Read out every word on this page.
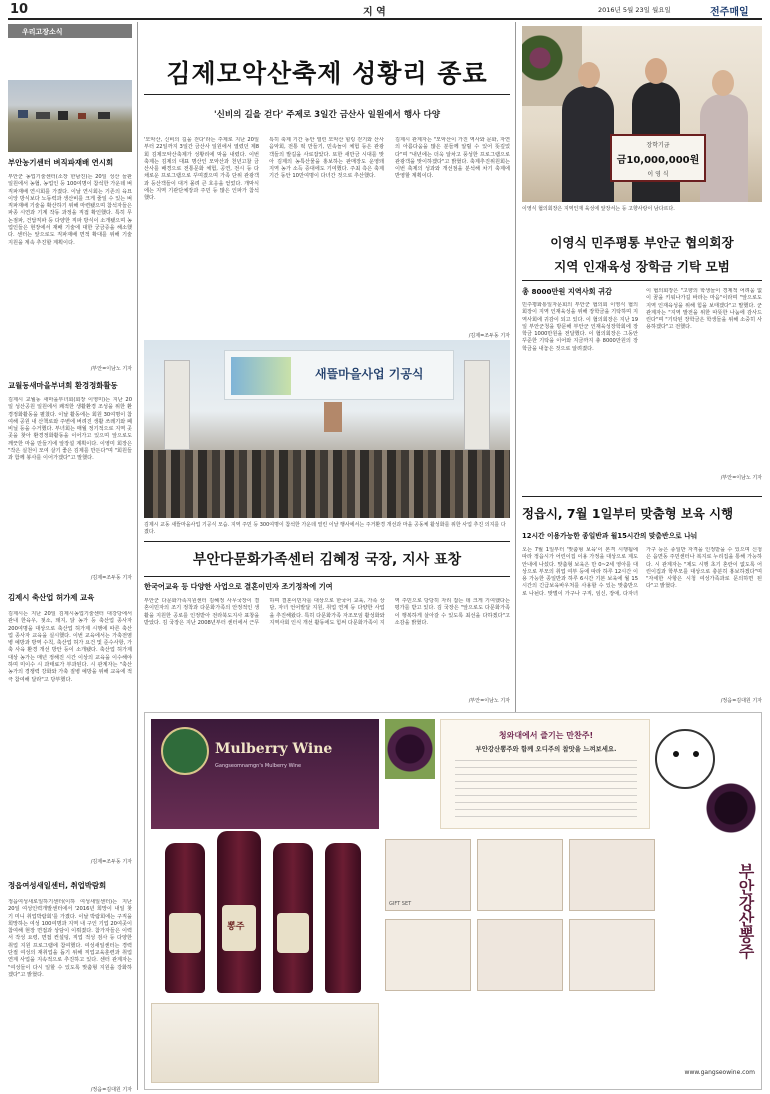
10	지 역	2016년 5월 23일 월요일	전주매일
우리고장소식
부안농기센터 벼직파재배 연시회
부안군 농업기술센터(소장 한남진)는 20일 성산 들판 일원에서 농협, 농업인 등 100여명이 참석한 가운데 벼 직파재배 연시회를 가졌다. 이날 연시회는 기존의 육묘 이앙 방식보다 노동력과 생산비를 크게 줄일 수 있는 벼 직파재배 기술을 확산하기 위해 마련됐으며 참석자들은 파종 시연과 기계 작동 과정을 직접 확인했다. 특히 무논점파, 건답직파 등 다양한 직파 방식이 소개됐으며 농업인들은 현장에서 재배 기술에 대한 궁금증을 해소했다. 센터는 앞으로도 직파재배 면적 확대를 위해 기술 지원을 계속 추진할 계획이다.
/부안=이남노 기자
교월동새마을부녀회 환경정화활동
김제시 교월동 새마을부녀회(회장 이영미)는 지난 20일 성산공원 일원에서 쾌적한 생활환경 조성을 위한 환경정화활동을 펼쳤다. 이날 활동에는 회원 30여명이 참여해 공원 내 산책로와 주변에 버려진 생활 쓰레기와 폐비닐 등을 수거했다. 부녀회는 매월 정기적으로 지역 곳곳을 찾아 환경정화활동을 이어가고 있으며 앞으로도 깨끗한 마을 만들기에 앞장설 계획이다. 이영미 회장은 "작은 실천이 모여 살기 좋은 김제를 만든다"며 "회원들과 함께 봉사를 이어가겠다"고 말했다.
/김제=조두동 기자
김제시 축산업 허가제 교육
김제시는 지난 20일 김제시농업기술센터 대강당에서 관내 한육우, 젖소, 돼지, 닭 농가 등 축산업 종사자 200여명을 대상으로 축산업 허가제 시행에 따른 축산업 종사자 교육을 실시했다. 이번 교육에서는 가축전염병 예방과 방역 수칙, 축산업 허가 요건 및 준수사항, 가축 사육 환경 개선 방안 등이 소개됐다. 축산업 허가제 대상 농가는 매년 정해진 시간 이상의 교육을 이수해야 하며 미이수 시 과태료가 부과된다. 시 관계자는 "축산 농가의 경쟁력 강화와 가축 질병 예방을 위해 교육에 적극 참여해 달라"고 당부했다.
/김제=조두동 기자
정읍여성새일센터, 취업박람회
정읍여성새로일하기센터(이하 여성새일센터)는 지난 20일 여성인력개발센터에서 '2016년 희망이 내일 찾기 미니 취업박람회'를 가졌다. 이날 박람회에는 구직을 희망하는 여성 100여명과 지역 내 구인 기업 20여곳이 참여해 현장 면접과 상담이 이뤄졌다. 참가자들은 이력서 작성 요령, 면접 컨설팅, 직업 적성 검사 등 다양한 취업 지원 프로그램에 참여했다. 여성새일센터는 경력단절 여성의 재취업을 돕기 위해 직업교육훈련과 취업 연계 사업을 지속적으로 추진하고 있다. 센터 관계자는 "여성들이 다시 일할 수 있도록 맞춤형 지원을 강화하겠다"고 밝혔다.
/정읍=김대원 기자
김제모악산축제 성황리 종료
'신비의 길을 걷다' 주제로 3일간 금산사 일원에서 행사 다양
'모악산, 신비의 길을 걷다'라는 주제로 지난 20일부터 22일까지 3일간 금산사 일원에서 열렸던 제8회 김제모악산축제가 성황리에 막을 내렸다. 이번 축제는 김제의 대표 명산인 모악산과 천년고찰 금산사를 배경으로 전통문화 체험, 공연, 전시 등 다채로운 프로그램으로 꾸며졌으며 가족 단위 관광객과 등산객들이 대거 몰려 큰 호응을 얻었다. 개막식에는 지역 기관단체장과 주민 등 많은 인파가 참석했다.
특히 축제 기간 동안 열린 모악산 힐링 걷기와 산사 음악회, 전통 떡 만들기, 민속놀이 체험 등은 관광객들의 발길을 사로잡았다. 또한 새만금 시대를 맞아 김제의 농특산물을 홍보하는 판매장도 운영돼 지역 농가 소득 증대에도 기여했다. 주최 측은 축제 기간 동안 10만여명이 다녀간 것으로 추산했다.
김제시 관계자는 "모악산이 가진 역사와 문화, 자연의 아름다움을 많은 분들께 알릴 수 있어 뜻깊었다"며 "내년에는 더욱 알차고 풍성한 프로그램으로 관광객을 맞이하겠다"고 밝혔다. 축제추진위원회는 이번 축제의 성과와 개선점을 분석해 차기 축제에 반영할 계획이다.
/김제=조두동 기자
새뜰마을사업 기공식
김제시 교동 새뜰마을사업 기공식 모습. 지역 주민 등 300여명이 참석한 가운데 열린 이날 행사에서는 주거환경 개선과 마을 공동체 활성화를 위한 사업 추진 의지를 다졌다.
부안다문화가족센터 김혜정 국장, 지사 표창
한국어교육 등 다양한 사업으로 결혼이민자 조기정착에 기여
부안군 다문화가족지원센터 김혜정 사무국장이 결혼이민자의 조기 정착과 다문화가족의 안정적인 생활을 지원한 공로를 인정받아 전라북도지사 표창을 받았다. 김 국장은 지난 2008년부터 센터에서 근무하며 결혼이민자를 대상으로 한국어 교육, 가족 상담, 자녀 언어발달 지원, 취업 연계 등 다양한 사업을 추진해왔다. 특히 다문화가족 자조모임 활성화와 지역사회 인식 개선 활동에도 힘써 다문화가족이 지역 주민으로 당당히 자리 잡는 데 크게 기여했다는 평가를 받고 있다. 김 국장은 "앞으로도 다문화가족이 행복하게 살아갈 수 있도록 최선을 다하겠다"고 소감을 밝혔다.
/부안=이남노 기자
장학기금
금10,000,000원
이 영 식
이영식 협의회장은 지역인재 육성에 앞장서는 등 고향사랑이 남다르다.
이영식 민주평통 부안군 협의회장
지역 인재육성 장학금 기탁 모범
총 8000만원 지역사회 귀감
민주평화통일자문회의 부안군 협의회 이영식 협의회장이 지역 인재육성을 위해 장학금을 기탁하며 지역사회에 귀감이 되고 있다. 이 협의회장은 지난 19일 부안군청을 방문해 부안군 인재육성장학회에 장학금 1000만원을 전달했다. 이 협의회장은 그동안 꾸준한 기탁을 이어와 지금까지 총 8000만원의 장학금을 내놓은 것으로 알려졌다.
이 협의회장은 "고향의 학생들이 경제적 어려움 없이 꿈을 키워나가길 바라는 마음"이라며 "앞으로도 지역 인재육성을 위해 힘을 보태겠다"고 말했다. 군 관계자는 "지역 발전을 위한 따뜻한 나눔에 감사드린다"며 "기탁된 장학금은 학생들을 위해 소중히 사용하겠다"고 전했다.
/부안=이남노 기자
정읍시, 7월 1일부터 맞춤형 보육 시행
12시간 이용가능한 종일반과 월15시간의 맞춤반으로 나눠
오는 7월 1일부터 '맞춤형 보육'이 본격 시행됨에 따라 정읍시가 어린이집 이용 가정을 대상으로 제도 안내에 나섰다. 맞춤형 보육은 만 0~2세 영아를 대상으로 부모의 취업 여부 등에 따라 하루 12시간 이용 가능한 종일반과 하루 6시간 기본 보육에 월 15시간의 긴급보육바우처를 사용할 수 있는 맞춤반으로 나뉜다. 맞벌이 가구나 구직, 임신, 장애, 다자녀 가구 등은 종일반 자격을 인정받을 수 있으며 신청은 읍면동 주민센터나 복지로 누리집을 통해 가능하다. 시 관계자는 "제도 시행 초기 혼란이 없도록 어린이집과 학부모를 대상으로 충분히 홍보하겠다"며 "자세한 사항은 시청 여성가족과로 문의하면 된다"고 밝혔다.
/정읍=김대원 기자
Mulberry Wine
Gangseomnamgn's Mulberry Wine
청와대에서 즐기는 만찬주!
부안강산뽕주와 함께 오디주의 참맛을 느껴보세요.
뽕주
GIFT SET	부안강산뽕주
www.gangseowine.com
